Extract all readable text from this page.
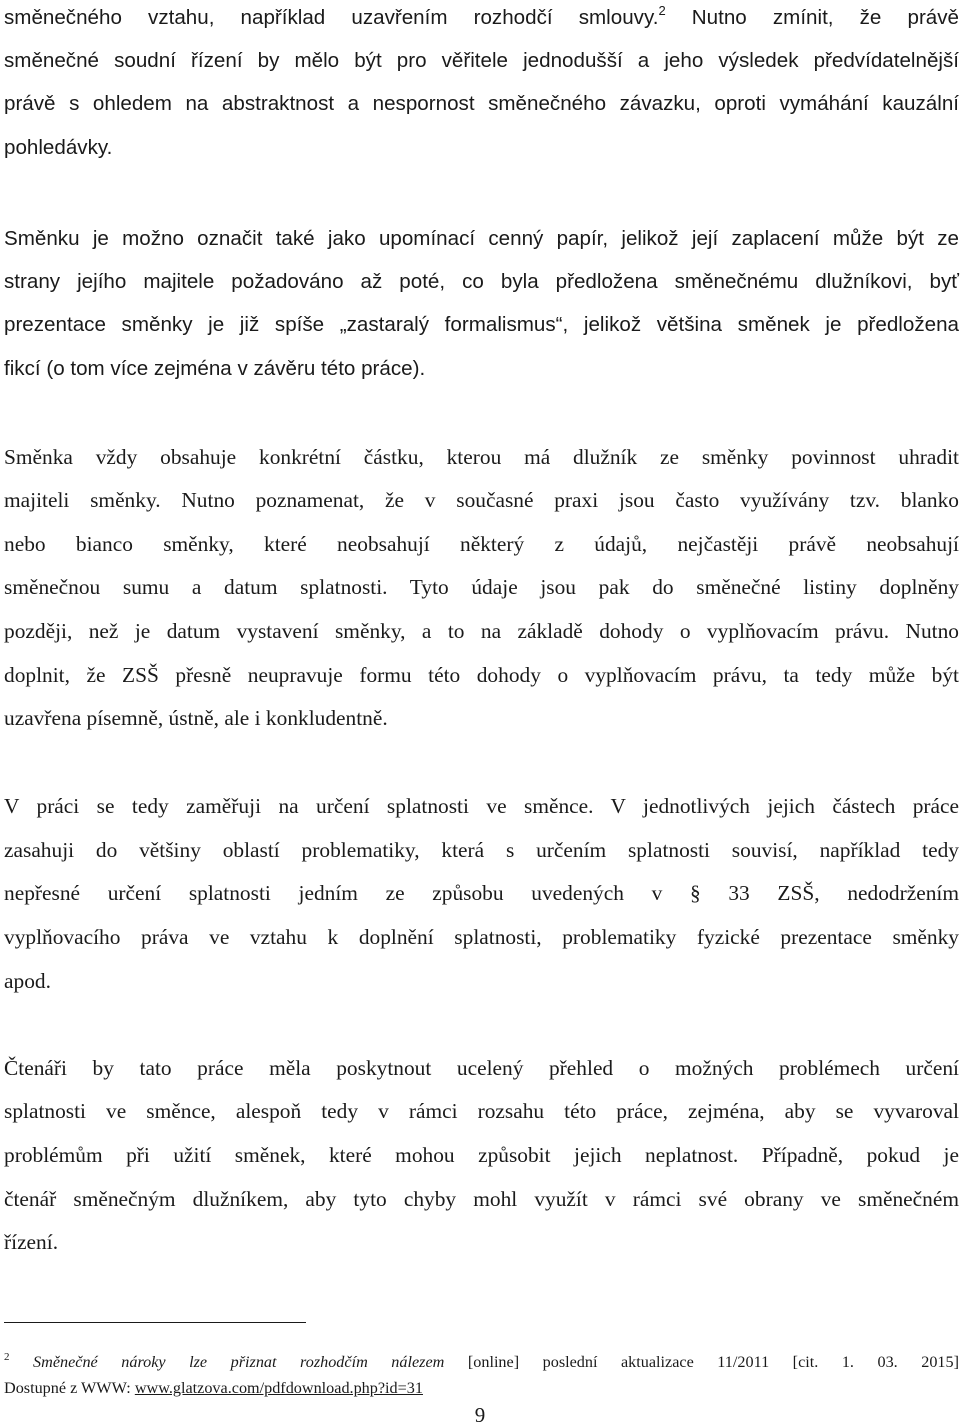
směnečného vztahu, například uzavřením rozhodčí smlouvy.$^2$ Nutno zmínit, že právě
směnečné soudní řízení by mělo být pro věřitele jednodušší a jeho výsledek předvídatelnější
právě s ohledem na abstraktnost a nespornost směnečného závazku, oproti vymáhání kauzální
pohledávky.
Směnku je možno označit také jako upomínací cenný papír, jelikož její zaplacení může být ze
strany jejího majitele požadováno až poté, co byla předložena směnečnému dlužníkovi, byť
prezentace směnky je již spíše „zastaralý formalismus“, jelikož většina směnek je předložena
fikcí (o tom více zejména v závěru této práce).
Směnka vždy obsahuje konkrétní částku, kterou má dlužník ze směnky povinnost uhradit
majiteli směnky. Nutno poznamenat, že v současné praxi jsou často využívány tzv. blanko
nebo bianco směnky, které neobsahují některý z údajů, nejčastěji právě neobsahují
směnečnou sumu a datum splatnosti. Tyto údaje jsou pak do směnečné listiny doplněny
později, než je datum vystavení směnky, a to na základě dohody o vyplňovacím právu. Nutno
doplnit, že ZSŠ přesně neupravuje formu této dohody o vyplňovacím právu, ta tedy může být
uzavřena písemně, ústně, ale i konkludentně.
V práci se tedy zaměřuji na určení splatnosti ve směnce. V jednotlivých jejich částech práce
zasahuji do většiny oblastí problematiky, která s určením splatnosti souvisí, například tedy
nepřesné určení splatnosti jedním ze způsobu uvedených v § 33 ZSŠ, nedodržením
vyplňovacího práva ve vztahu k doplnění splatnosti, problematiky fyzické prezentace směnky
apod.
Čtenáři by tato práce měla poskytnout ucelený přehled o možných problémech určení
splatnosti ve směnce, alespoň tedy v rámci rozsahu této práce, zejména, aby se vyvaroval
problémům při užití směnek, které mohou způsobit jejich neplatnost. Případně, pokud je
čtenář směnečným dlužníkem, aby tyto chyby mohl využít v rámci své obrany ve směnečném
řízení.
$^2$ Směnečné nároky lze přiznat rozhodčím nálezem [online] poslední aktualizace 11/2011 [cit. 1. 03. 2015]
Dostupné z WWW: www.glatzova.com/pdfdownload.php?id=31
9
